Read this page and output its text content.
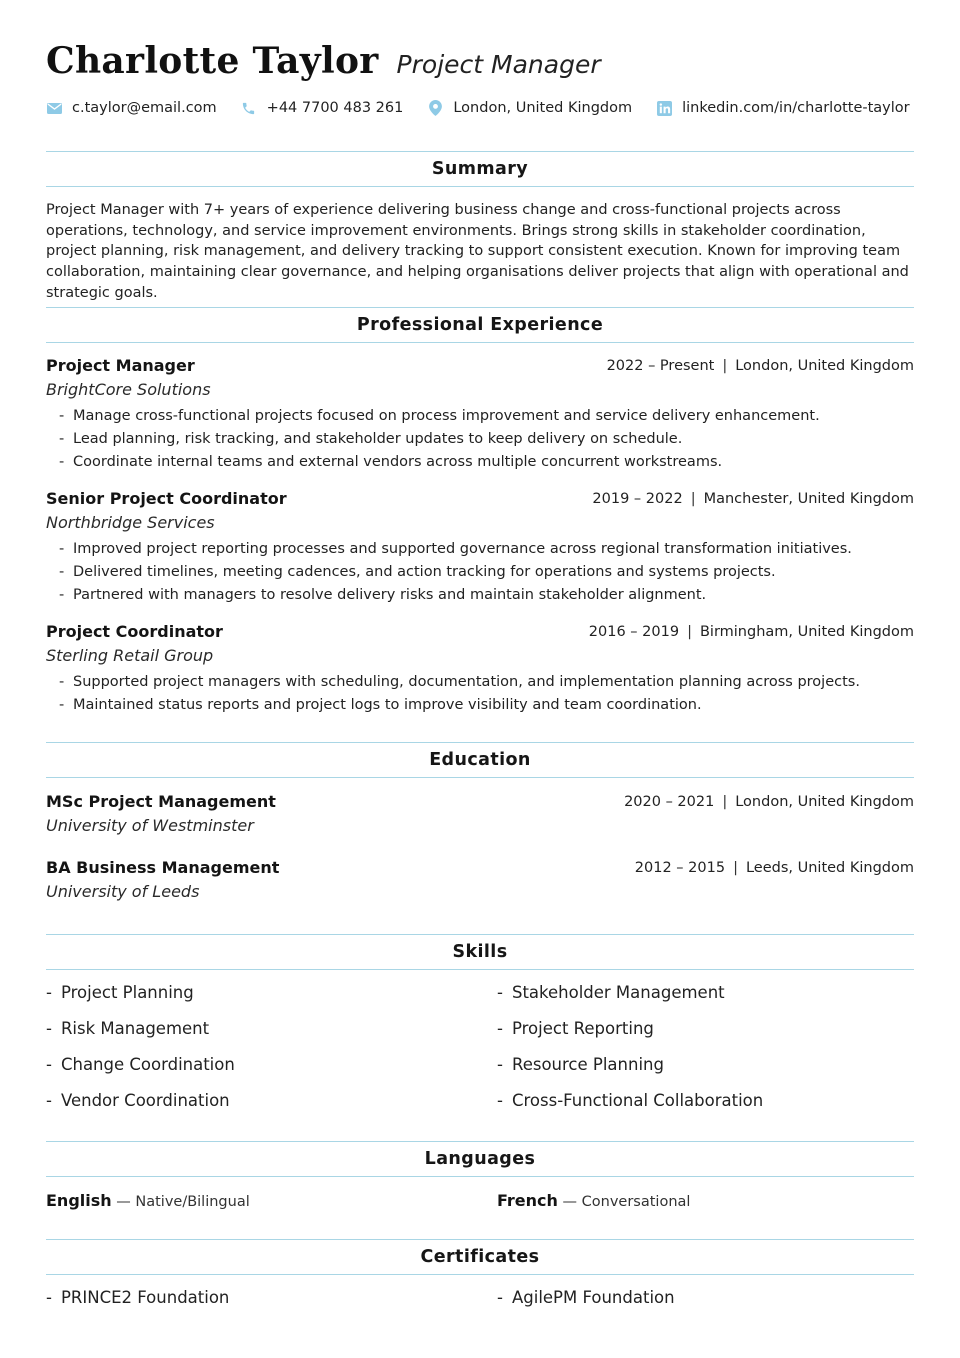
Charlotte Taylor Project Manager
c.taylor@email.com	+44 7700 483 261	London, United Kingdom	linkedin.com/in/charlotte-taylor
Summary
Project Manager with 7+ years of experience delivering business change and cross-functional projects across operations, technology, and service improvement environments. Brings strong skills in stakeholder coordination, project planning, risk management, and delivery tracking to support consistent execution. Known for improving team collaboration, maintaining clear governance, and helping organisations deliver projects that align with operational and strategic goals.
Professional Experience
Project Manager	2022 – Present | London, United Kingdom
BrightCore Solutions
- Manage cross-functional projects focused on process improvement and service delivery enhancement.
- Lead planning, risk tracking, and stakeholder updates to keep delivery on schedule.
- Coordinate internal teams and external vendors across multiple concurrent workstreams.
Senior Project Coordinator	2019 – 2022 | Manchester, United Kingdom
Northbridge Services
- Improved project reporting processes and supported governance across regional transformation initiatives.
- Delivered timelines, meeting cadences, and action tracking for operations and systems projects.
- Partnered with managers to resolve delivery risks and maintain stakeholder alignment.
Project Coordinator	2016 – 2019 | Birmingham, United Kingdom
Sterling Retail Group
- Supported project managers with scheduling, documentation, and implementation planning across projects.
- Maintained status reports and project logs to improve visibility and team coordination.
Education
MSc Project Management	2020 – 2021 | London, United Kingdom
University of Westminster
BA Business Management	2012 – 2015 | Leeds, United Kingdom
University of Leeds
Skills
- Project Planning	- Stakeholder Management
- Risk Management	- Project Reporting
- Change Coordination	- Resource Planning
- Vendor Coordination	- Cross-Functional Collaboration
Languages
English — Native/Bilingual	French — Conversational
Certificates
- PRINCE2 Foundation	- AgilePM Foundation
